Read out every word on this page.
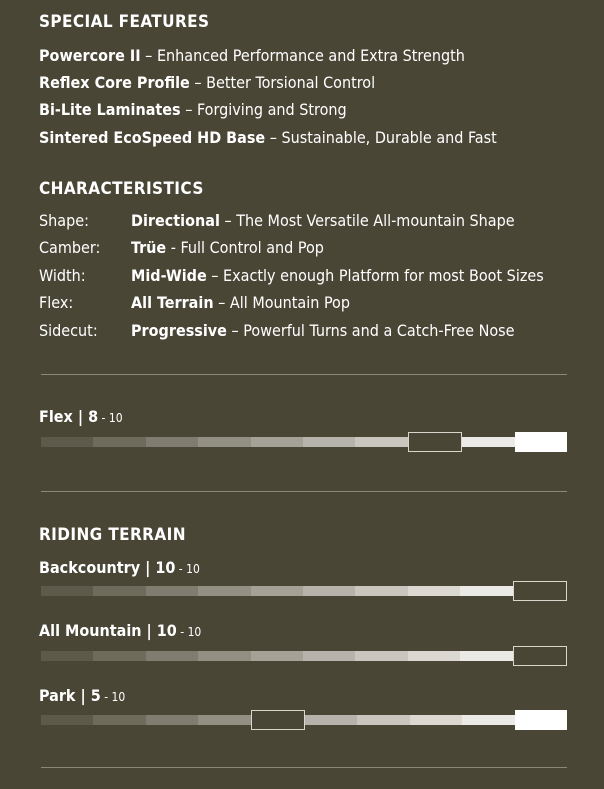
SPECIAL FEATURES
Powercore II – Enhanced Performance and Extra Strength
Reflex Core Profile – Better Torsional Control
Bi-Lite Laminates – Forgiving and Strong
Sintered EcoSpeed HD Base – Sustainable, Durable and Fast
CHARACTERISTICS
Shape:	Directional – The Most Versatile All-mountain Shape
Camber: Trüe - Full Control and Pop
Width:	Mid-Wide – Exactly enough Platform for most Boot Sizes
Flex:	All Terrain – All Mountain Pop
Sidecut: Progressive – Powerful Turns and a Catch-Free Nose
Flex | 8 - 10
RIDING TERRAIN
Backcountry | 10 - 10
All Mountain | 10 - 10
Park | 5 - 10
